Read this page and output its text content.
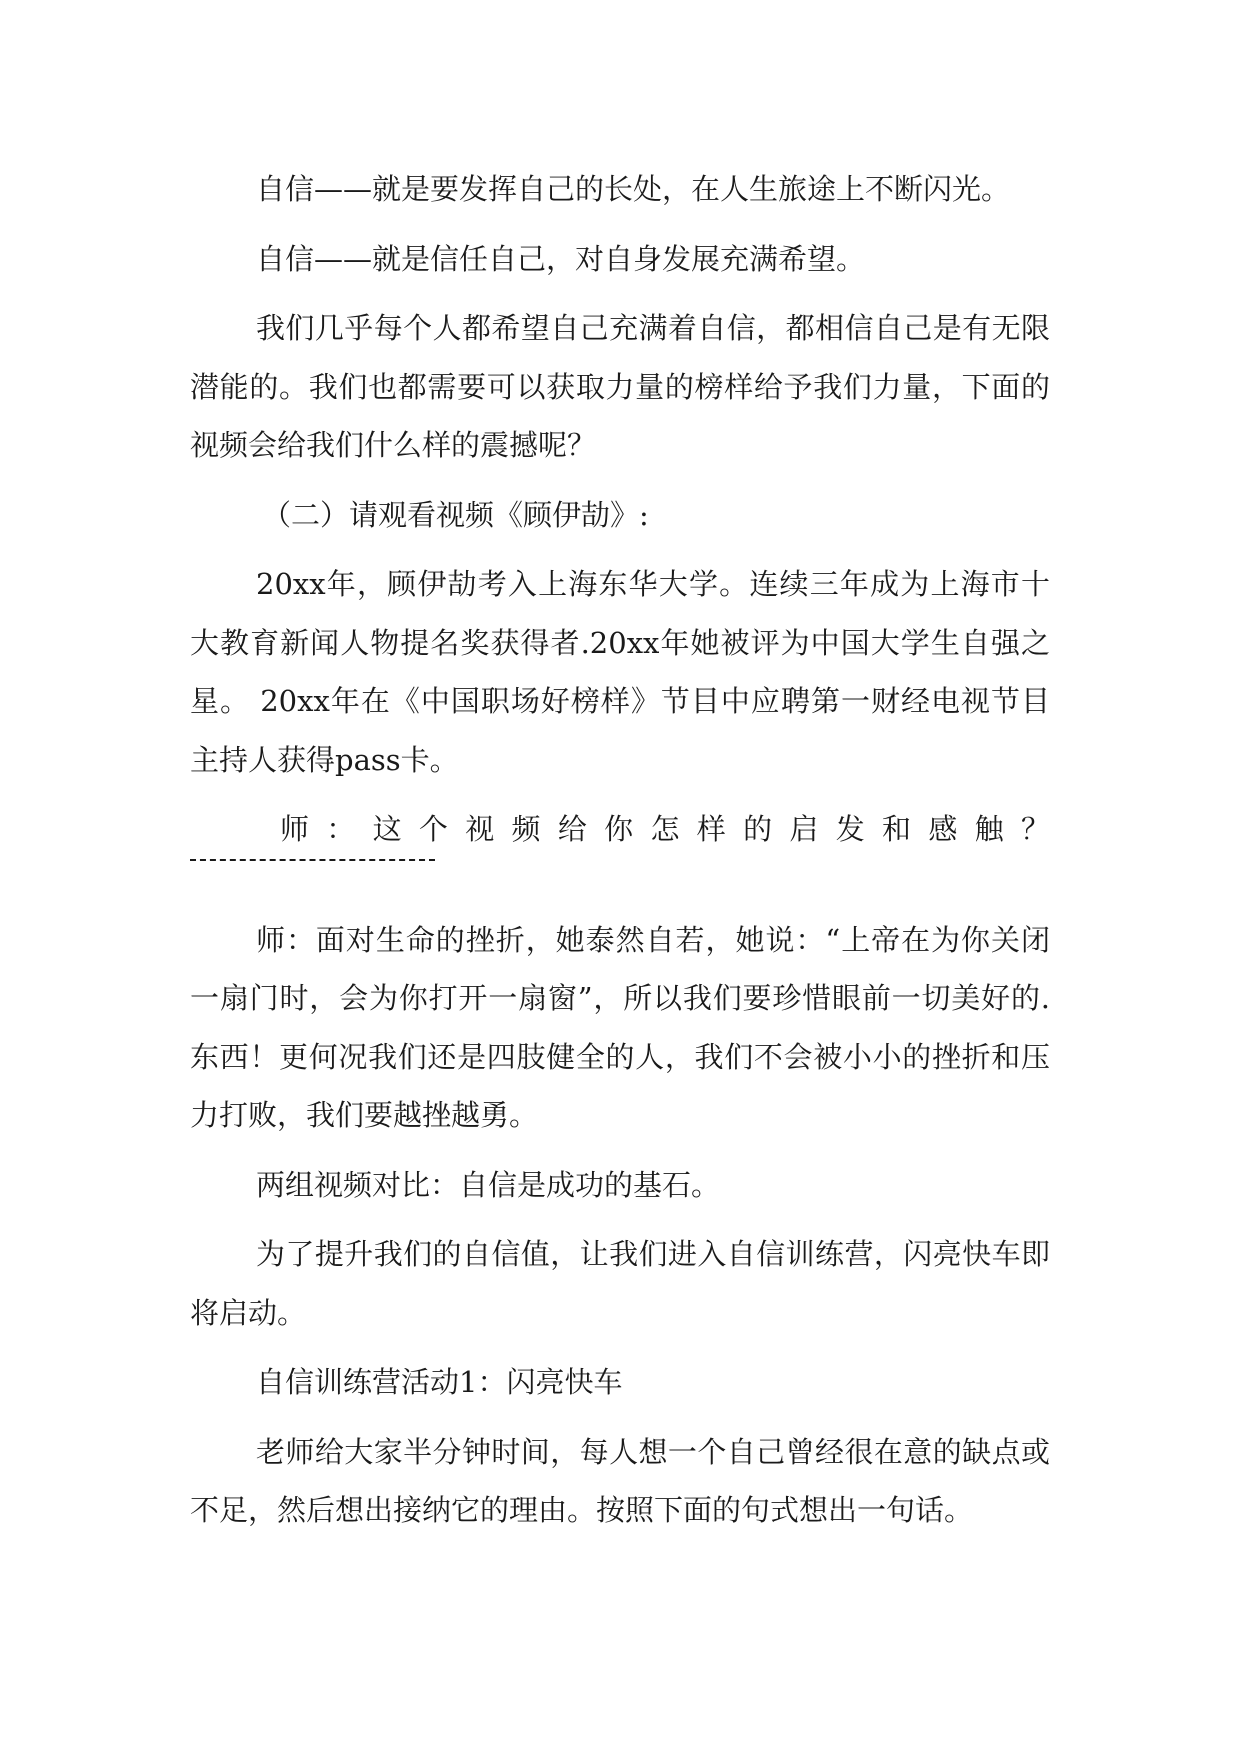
自信——就是要发挥自己的长处，在人生旅途上不断闪光。

自信——就是信任自己，对自身发展充满希望。

我们几乎每个人都希望自己充满着自信，都相信自己是有无限潜能的。我们也都需要可以获取力量的榜样给予我们力量，下面的视频会给我们什么样的震撼呢？

（二）请观看视频《顾伊劼》:

20xx年，顾伊劼考入上海东华大学。连续三年成为上海市十大教育新闻人物提名奖获得者.20xx年她被评为中国大学生自强之星。 20xx年在《中国职场好榜样》节目中应聘第一财经电视节目主持人获得pass卡。

师：这个视频给你怎样的启发和感触？

师：面对生命的挫折，她泰然自若，她说：“上帝在为你关闭一扇门时，会为你打开一扇窗”，所以我们要珍惜眼前一切美好的.东西！更何况我们还是四肢健全的人，我们不会被小小的挫折和压力打败，我们要越挫越勇。

两组视频对比：自信是成功的基石。

为了提升我们的自信值，让我们进入自信训练营，闪亮快车即将启动。

自信训练营活动1：闪亮快车

老师给大家半分钟时间，每人想一个自己曾经很在意的缺点或不足，然后想出接纳它的理由。按照下面的句式想出一句话。
